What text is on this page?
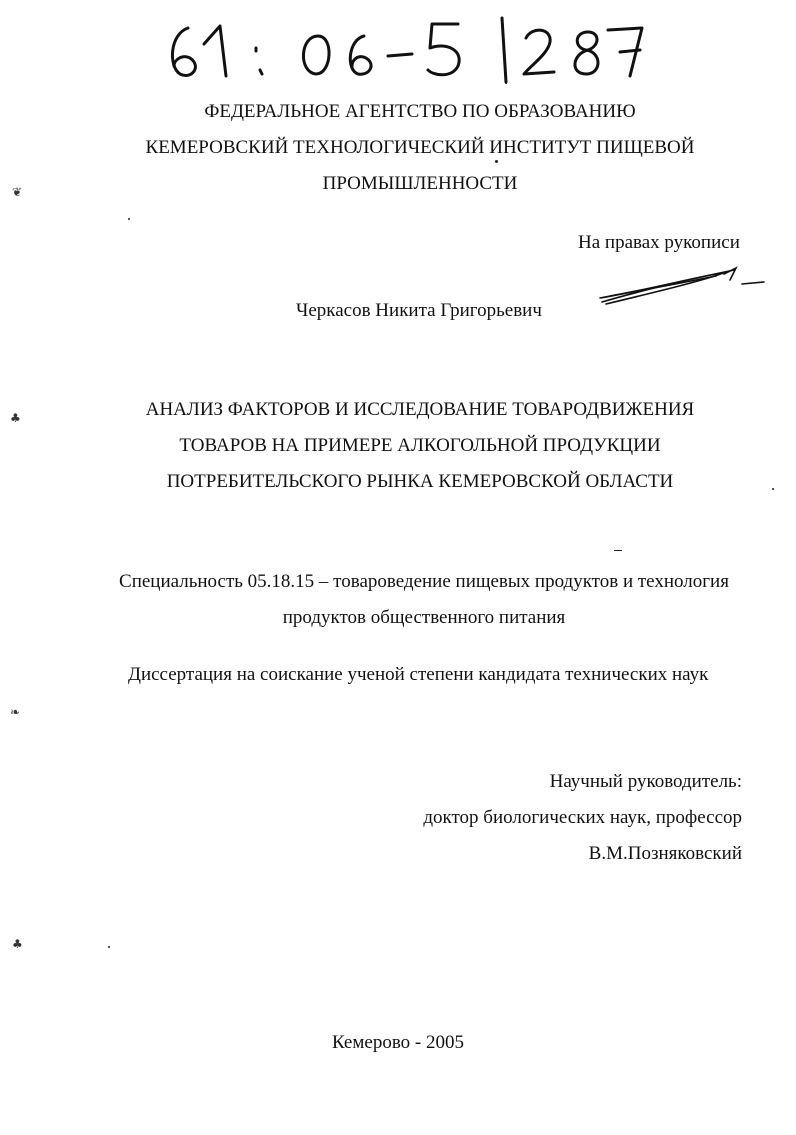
ФЕДЕРАЛЬНОЕ АГЕНТСТВО ПО ОБРАЗОВАНИЮ
КЕМЕРОВСКИЙ ТЕХНОЛОГИЧЕСКИЙ ИНСТИТУТ ПИЩЕВОЙ
ПРОМЫШЛЕННОСТИ
На правах рукописи
Черкасов Никита Григорьевич
АНАЛИЗ ФАКТОРОВ И ИССЛЕДОВАНИЕ ТОВАРОДВИЖЕНИЯ
ТОВАРОВ НА ПРИМЕРЕ АЛКОГОЛЬНОЙ ПРОДУКЦИИ
ПОТРЕБИТЕЛЬСКОГО РЫНКА КЕМЕРОВСКОЙ ОБЛАСТИ
Специальность 05.18.15 – товароведение пищевых продуктов и технология
продуктов общественного питания
Диссертация на соискание ученой степени кандидата технических наук
Научный руководитель:
доктор биологических наук, профессор
В.М.Позняковский
Кемерово - 2005
❦
♣
❧
♣
